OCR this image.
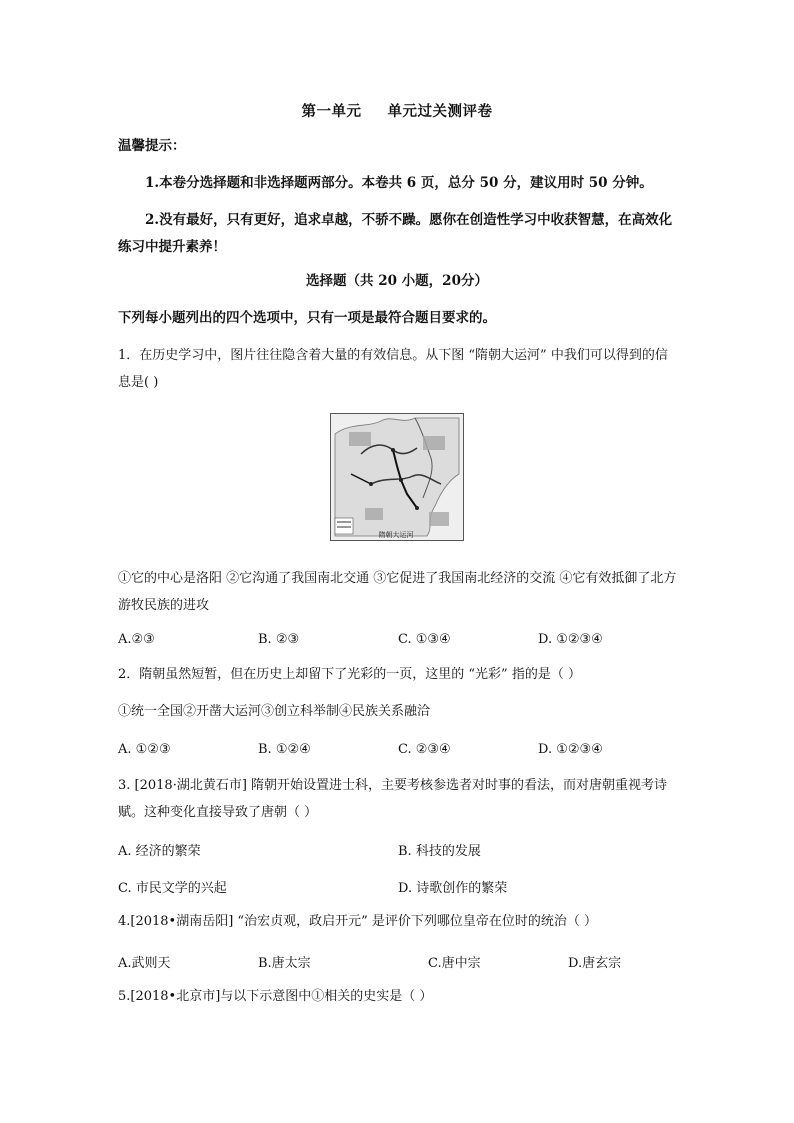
第一单元 单元过关测评卷
温馨提示：
1.本卷分选择题和非选择题两部分。本卷共 6 页，总分 50 分，建议用时 50 分钟。
2.没有最好，只有更好，追求卓越，不骄不躁。愿你在创造性学习中收获智慧，在高效化练习中提升素养！
选择题（共 20 小题，20分）
下列每小题列出的四个选项中，只有一项是最符合题目要求的。
1．在历史学习中，图片往往隐含着大量的有效信息。从下图 “隋朝大运河” 中我们可以得到的信息是( )
隋朝大运河
①它的中心是洛阳 ②它沟通了我国南北交通 ③它促进了我国南北经济的交流 ④它有效抵御了北方游牧民族的进攻
A.②③	B. ②③	C. ①③④	D. ①②③④
2．隋朝虽然短暂，但在历史上却留下了光彩的一页，这里的 “光彩” 指的是（ ）
①统一全国②开凿大运河③创立科举制④民族关系融洽
A. ①②③	B. ①②④	C. ②③④	D. ①②③④
3. [2018·湖北黄石市] 隋朝开始设置进士科，主要考核参选者对时事的看法，而对唐朝重视考诗赋。这种变化直接导致了唐朝（ ）
A. 经济的繁荣	B. 科技的发展
C. 市民文学的兴起	D. 诗歌创作的繁荣
4.[2018•湖南岳阳] “治宏贞观，政启开元” 是评价下列哪位皇帝在位时的统治（ ）
A.武则天	B.唐太宗	C.唐中宗	D.唐玄宗
5.[2018•北京市]与以下示意图中①相关的史实是（ ）
